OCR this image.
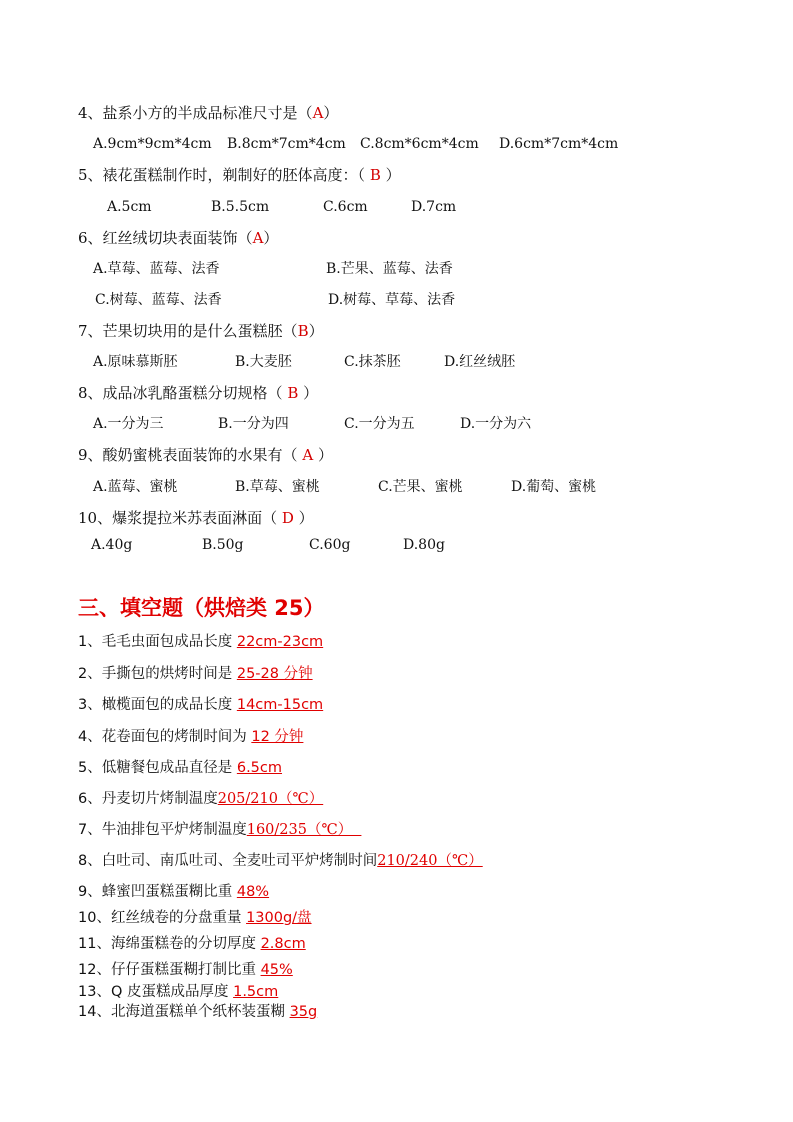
4、盐系小方的半成品标准尺寸是（A）

A.9cm*9cm*4cm

B.8cm*7cm*4cm

C.8cm*6cm*4cm

D.6cm*7cm*4cm

5、裱花蛋糕制作时，剃制好的胚体高度：（ B ）

A.5cm

	B.5.5cm

	C.6cm

	D.7cm

6、红丝绒切块表面装饰（A）

A.草莓、蓝莓、法香

	B.芒果、蓝莓、法香

C.树莓、蓝莓、法香

	D.树莓、草莓、法香

7、芒果切块用的是什么蛋糕胚（B）

A.原味慕斯胚

	B.大麦胚

	C.抹茶胚

	D.红丝绒胚

8、成品冰乳酪蛋糕分切规格（ B ）

A.一分为三

	B.一分为四

	C.一分为五

	D.一分为六

9、酸奶蜜桃表面装饰的水果有（ A ）

A.蓝莓、蜜桃

	B.草莓、蜜桃

	C.芒果、蜜桃

	D.葡萄、蜜桃

10、爆浆提拉米苏表面淋面（ D ）

A.40g

	B.50g

	C.60g

	D.80g

三、填空题（烘焙类 25）
1、毛毛虫面包成品长度 22cm-23cm
2、手撕包的烘烤时间是 25-28 分钟
3、橄榄面包的成品长度 14cm-15cm
4、花卷面包的烤制时间为 12 分钟
5、低糖餐包成品直径是 6.5cm
6、丹麦切片烤制温度205/210（℃）
7、牛油排包平炉烤制温度160/235（℃）
8、白吐司、南瓜吐司、全麦吐司平炉烤制时间210/240（℃）
9、蜂蜜凹蛋糕蛋糊比重 48%
10、红丝绒卷的分盘重量 1300g/盘
11、海绵蛋糕卷的分切厚度 2.8cm
12、仔仔蛋糕蛋糊打制比重 45%
13、Q 皮蛋糕成品厚度 1.5cm
14、北海道蛋糕单个纸杯装蛋糊 35g
